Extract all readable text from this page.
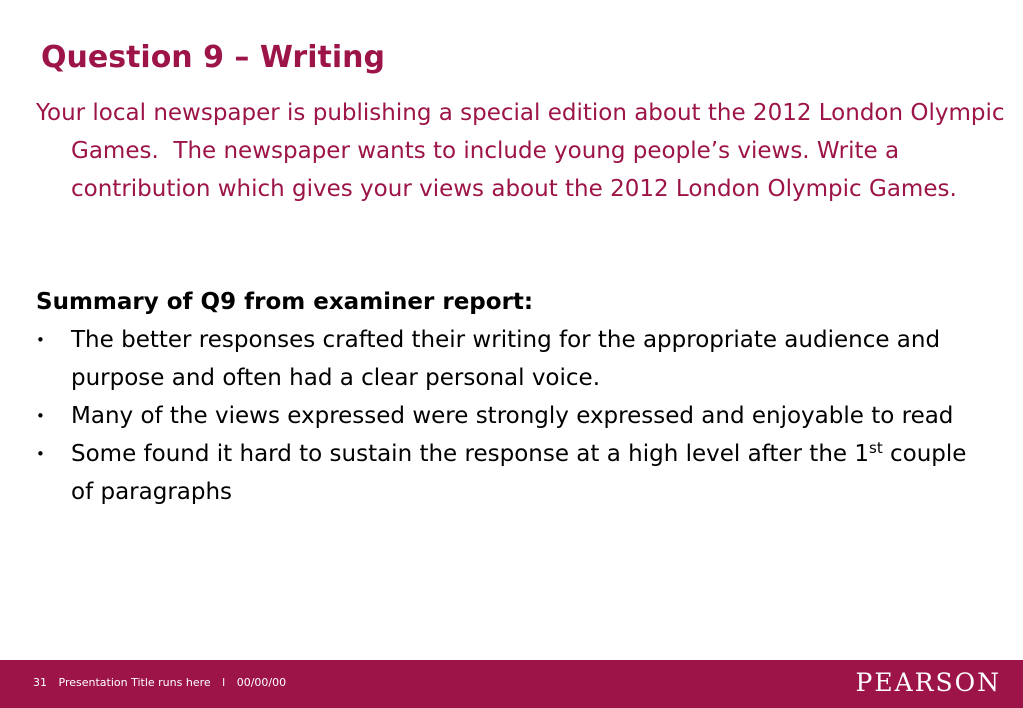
Question 9 – Writing

Your local newspaper is publishing a special edition about the 2012 London Olympic Games.  The newspaper wants to include young people’s views. Write a contribution which gives your views about the 2012 London Olympic Games.

Summary of Q9 from examiner report:
• The better responses crafted their writing for the appropriate audience and purpose and often had a clear personal voice.
• Many of the views expressed were strongly expressed and enjoyable to read
• Some found it hard to sustain the response at a high level after the 1st couple of paragraphs
31 Presentation Title runs here l 00/00/00	PEARSON
